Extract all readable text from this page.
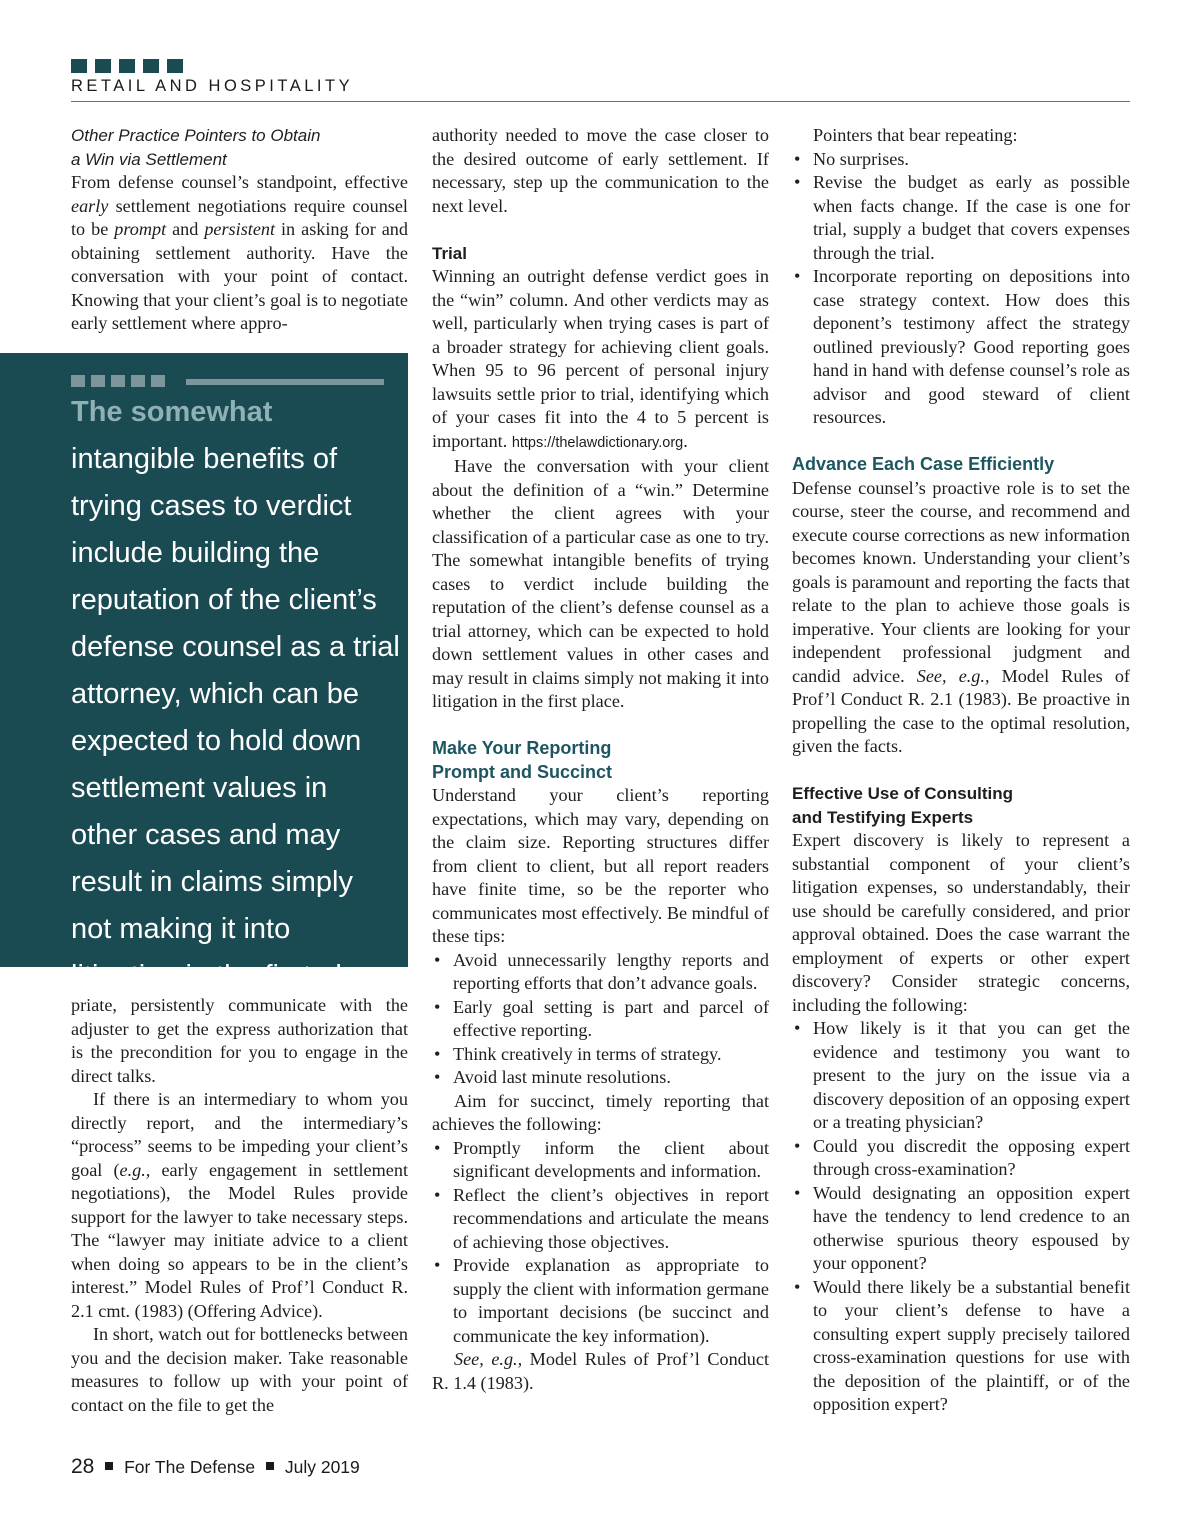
RETAIL AND HOSPITALITY
Other Practice Pointers to Obtain
a Win via Settlement

From defense counsel’s standpoint, effective early settlement negotiations require counsel to be prompt and persistent in asking for and obtaining settlement authority. Have the conversation with your point of contact. Knowing that your client’s goal is to negotiate early settlement where appro-

The somewhat intangible benefits of trying cases to verdict include building the reputation of the client’s defense counsel as a trial attorney, which can be expected to hold down settlement values in other cases and may result in claims simply not making it into litigation in the first place

priate, persistently communicate with the adjuster to get the express authorization that is the precondition for you to engage in the direct talks.

If there is an intermediary to whom you directly report, and the intermediary’s “process” seems to be impeding your client’s goal (e.g., early engagement in settlement negotiations), the Model Rules provide support for the lawyer to take necessary steps. The “lawyer may initiate advice to a client when doing so appears to be in the client’s interest.” Model Rules of Prof’l Conduct R. 2.1 cmt. (1983) (Offering Advice).

In short, watch out for bottlenecks between you and the decision maker. Take reasonable measures to follow up with your point of contact on the file to get the

authority needed to move the case closer to the desired outcome of early settlement. If necessary, step up the communication to the next level.

Trial

Winning an outright defense verdict goes in the “win” column. And other verdicts may as well, particularly when trying cases is part of a broader strategy for achieving client goals. When 95 to 96 percent of personal injury lawsuits settle prior to trial, identifying which of your cases fit into the 4 to 5 percent is important. https://thelawdictionary.org.

Have the conversation with your client about the definition of a “win.” Determine whether the client agrees with your classification of a particular case as one to try. The somewhat intangible benefits of trying cases to verdict include building the reputation of the client’s defense counsel as a trial attorney, which can be expected to hold down settlement values in other cases and may result in claims simply not making it into litigation in the first place.

Make Your Reporting
Prompt and Succinct

Understand your client’s reporting expectations, which may vary, depending on the claim size. Reporting structures differ from client to client, but all report readers have finite time, so be the reporter who communicates most effectively. Be mindful of these tips:

• Avoid unnecessarily lengthy reports and reporting efforts that don’t advance goals.
• Early goal setting is part and parcel of effective reporting.
• Think creatively in terms of strategy.
• Avoid last minute resolutions.

Aim for succinct, timely reporting that achieves the following:

• Promptly inform the client about significant developments and information.
• Reflect the client’s objectives in report recommendations and articulate the means of achieving those objectives.
• Provide explanation as appropriate to supply the client with information germane to important decisions (be succinct and communicate the key information).

See, e.g., Model Rules of Prof’l Conduct R. 1.4 (1983).

Pointers that bear repeating:

• No surprises.
• Revise the budget as early as possible when facts change. If the case is one for trial, supply a budget that covers expenses through the trial.
• Incorporate reporting on depositions into case strategy context. How does this deponent’s testimony affect the strategy outlined previously? Good reporting goes hand in hand with defense counsel’s role as advisor and good steward of client resources.
Advance Each Case Efficiently

Defense counsel’s proactive role is to set the course, steer the course, and recommend and execute course corrections as new information becomes known. Understanding your client’s goals is paramount and reporting the facts that relate to the plan to achieve those goals is imperative. Your clients are looking for your independent professional judgment and candid advice. See, e.g., Model Rules of Prof’l Conduct R. 2.1 (1983). Be proactive in propelling the case to the optimal resolution, given the facts.

Effective Use of Consulting
and Testifying Experts

Expert discovery is likely to represent a substantial component of your client’s litigation expenses, so understandably, their use should be carefully considered, and prior approval obtained. Does the case warrant the employment of experts or other expert discovery? Consider strategic concerns, including the following:

• How likely is it that you can get the evidence and testimony you want to present to the jury on the issue via a discovery deposition of an opposing expert or a treating physician?
• Could you discredit the opposing expert through cross-examination?
• Would designating an opposition expert have the tendency to lend credence to an otherwise spurious theory espoused by your opponent?
• Would there likely be a substantial benefit to your client’s defense to have a consulting expert supply precisely tailored cross-examination questions for use with the deposition of the plaintiff, or of the opposition expert?
28 For The Defense July 2019
